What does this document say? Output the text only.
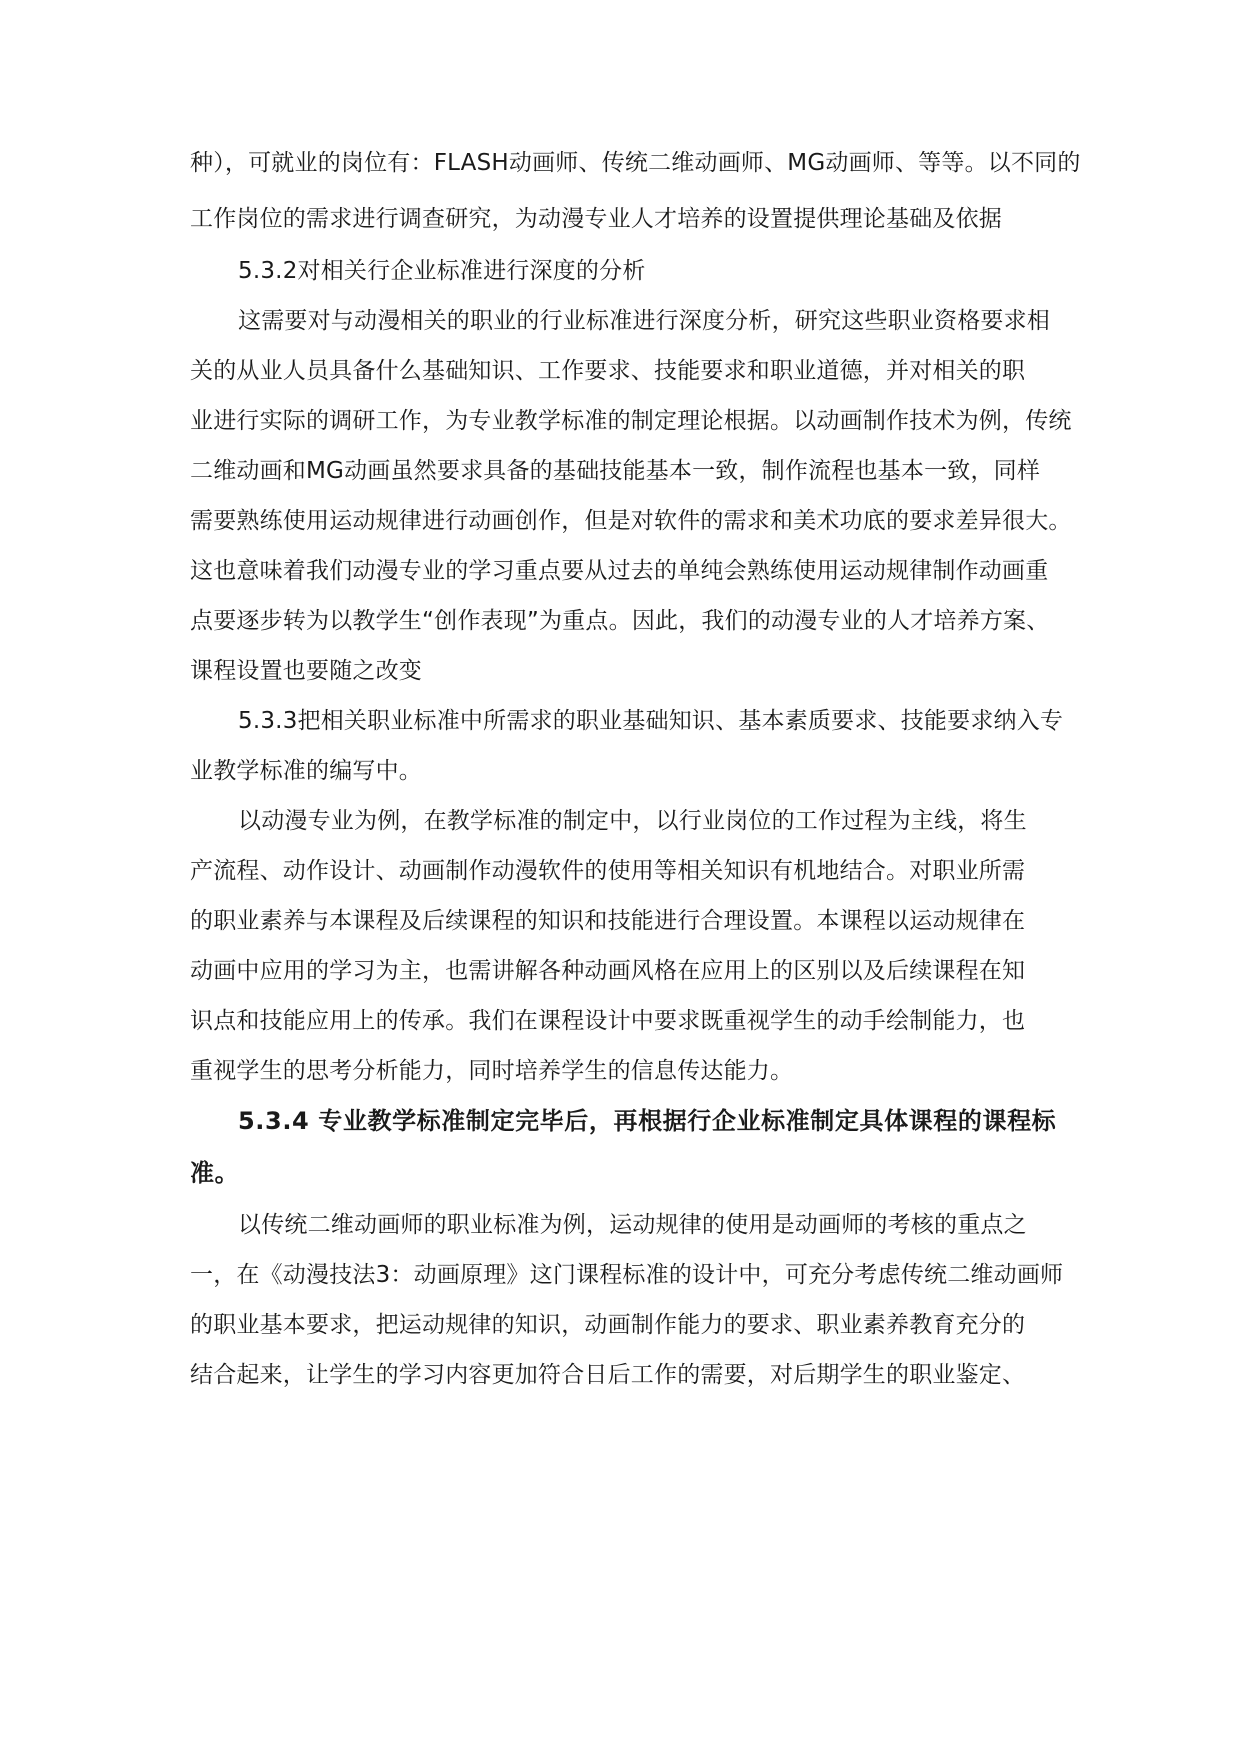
种），可就业的岗位有：FLASH动画师、传统二维动画师、MG动画师、等等。以不同的
工作岗位的需求进行调查研究，为动漫专业人才培养的设置提供理论基础及依据
5.3.2对相关行企业标准进行深度的分析
这需要对与动漫相关的职业的行业标准进行深度分析，研究这些职业资格要求相
关的从业人员具备什么基础知识、工作要求、技能要求和职业道德，并对相关的职
业进行实际的调研工作，为专业教学标准的制定理论根据。以动画制作技术为例，传统
二维动画和MG动画虽然要求具备的基础技能基本一致，制作流程也基本一致，同样
需要熟练使用运动规律进行动画创作，但是对软件的需求和美术功底的要求差异很大。
这也意味着我们动漫专业的学习重点要从过去的单纯会熟练使用运动规律制作动画重
点要逐步转为以教学生“创作表现”为重点。因此，我们的动漫专业的人才培养方案、
课程设置也要随之改变
5.3.3把相关职业标准中所需求的职业基础知识、基本素质要求、技能要求纳入专
业教学标准的编写中。
以动漫专业为例，在教学标准的制定中，以行业岗位的工作过程为主线，将生
产流程、动作设计、动画制作动漫软件的使用等相关知识有机地结合。对职业所需
的职业素养与本课程及后续课程的知识和技能进行合理设置。本课程以运动规律在
动画中应用的学习为主，也需讲解各种动画风格在应用上的区别以及后续课程在知
识点和技能应用上的传承。我们在课程设计中要求既重视学生的动手绘制能力，也
重视学生的思考分析能力，同时培养学生的信息传达能力。
5.3.4 专业教学标准制定完毕后，再根据行企业标准制定具体课程的课程标
准。
以传统二维动画师的职业标准为例，运动规律的使用是动画师的考核的重点之
一，在《动漫技法3：动画原理》这门课程标准的设计中，可充分考虑传统二维动画师
的职业基本要求，把运动规律的知识，动画制作能力的要求、职业素养教育充分的
结合起来，让学生的学习内容更加符合日后工作的需要，对后期学生的职业鉴定、
